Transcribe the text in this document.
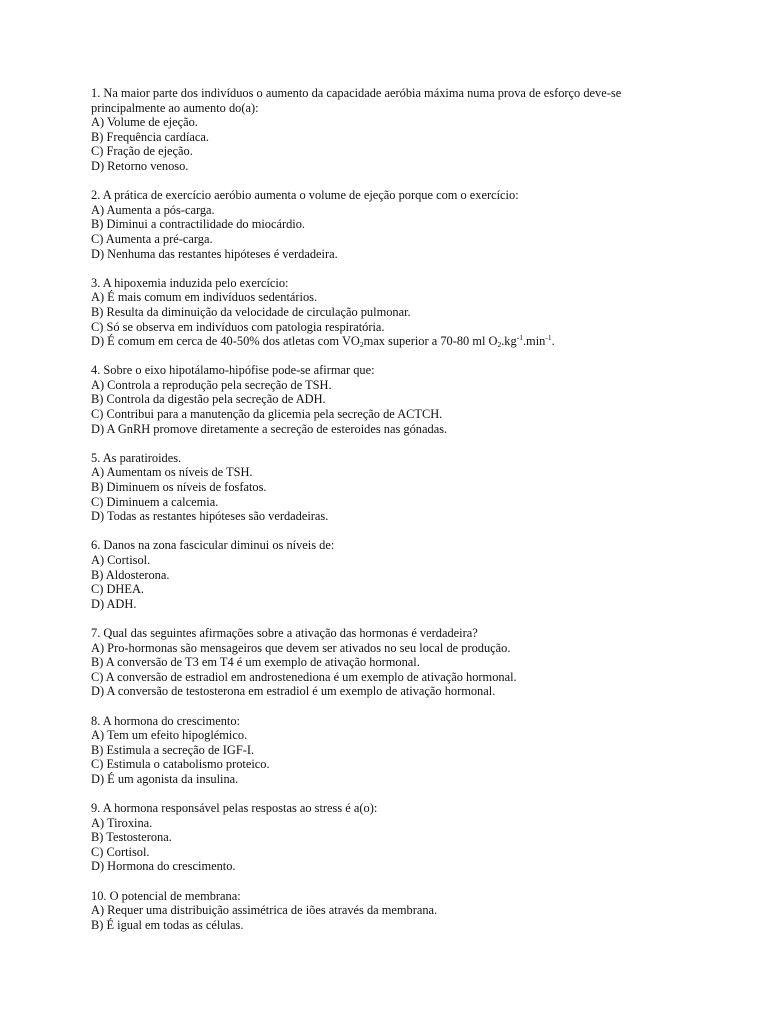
1. Na maior parte dos indivíduos o aumento da capacidade aeróbia máxima numa prova de esforço deve-se principalmente ao aumento do(a):
A) Volume de ejeção.
B) Frequência cardíaca.
C) Fração de ejeção.
D) Retorno venoso.
2. A prática de exercício aeróbio aumenta o volume de ejeção porque com o exercício:
A) Aumenta a pós-carga.
B) Diminui a contractilidade do miocárdio.
C) Aumenta a pré-carga.
D) Nenhuma das restantes hipóteses é verdadeira.
3. A hipoxemia induzida pelo exercício:
A) É mais comum em indivíduos sedentários.
B) Resulta da diminuição da velocidade de circulação pulmonar.
C) Só se observa em indivíduos com patologia respiratória.
D) É comum em cerca de 40-50% dos atletas com $VO_2\max$ superior a 70-80 ml $O_2.kg^{-1}.\min^{-1}$.
4. Sobre o eixo hipotálamo-hipófise pode-se afirmar que:
A) Controla a reprodução pela secreção de TSH.
B) Controla da digestão pela secreção de ADH.
C) Contribui para a manutenção da glicemia pela secreção de ACTCH.
D) A GnRH promove diretamente a secreção de esteroides nas gónadas.
5. As paratiroides.
A) Aumentam os níveis de TSH.
B) Diminuem os níveis de fosfatos.
C) Diminuem a calcemia.
D) Todas as restantes hipóteses são verdadeiras.
6. Danos na zona fascicular diminui os níveis de:
A) Cortisol.
B) Aldosterona.
C) DHEA.
D) ADH.
7. Qual das seguintes afirmações sobre a ativação das hormonas é verdadeira?
A) Pro-hormonas são mensageiros que devem ser ativados no seu local de produção.
B) A conversão de T3 em T4 é um exemplo de ativação hormonal.
C) A conversão de estradiol em androstenediona é um exemplo de ativação hormonal.
D) A conversão de testosterona em estradiol é um exemplo de ativação hormonal.
8. A hormona do crescimento:
A) Tem um efeito hipoglémico.
B) Estimula a secreção de IGF-I.
C) Estimula o catabolismo proteico.
D) É um agonista da insulina.
9. A hormona responsável pelas respostas ao stress é a(o):
A) Tiroxina.
B) Testosterona.
C) Cortisol.
D) Hormona do crescimento.
10. O potencial de membrana:
A) Requer uma distribuição assimétrica de iões através da membrana.
B) É igual em todas as células.
